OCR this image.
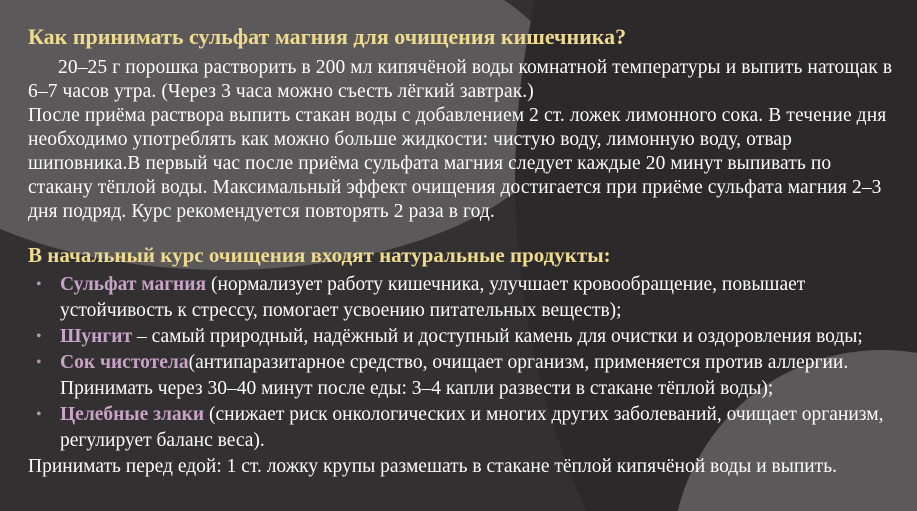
Как принимать сульфат магния для очищения кишечника?

20–25 г порошка растворить в 200 мл кипячёной воды комнатной температуры и выпить натощак в 6–7 часов утра. (Через 3 часа можно съесть лёгкий завтрак.)

После приёма раствора выпить стакан воды с добавлением 2 ст. ложек лимонного сока. В течение дня необходимо употреблять как можно больше жидкости: чистую воду, лимонную воду, отвар шиповника.В первый час после приёма сульфата магния следует каждые 20 минут выпивать по стакану тёплой воды. Максимальный эффект очищения достигается при приёме сульфата магния 2–3 дня подряд. Курс рекомендуется повторять 2 раза в год.

В начальный курс очищения входят натуральные продукты:
• Сульфат магния (нормализует работу кишечника, улучшает кровообращение, повышает устойчивость к стрессу, помогает усвоению питательных веществ);
• Шунгит – самый природный, надёжный и доступный камень для очистки и оздоровления воды;
• Сок чистотела(антипаразитарное средство, очищает организм, применяется против аллергии. Принимать через 30–40 минут после еды: 3–4 капли развести в стакане тёплой воды);
• Целебные злаки (снижает риск онкологических и многих других заболеваний, очищает организм, регулирует баланс веса).

Принимать перед едой: 1 ст. ложку крупы размешать в стакане тёплой кипячёной воды и выпить.
